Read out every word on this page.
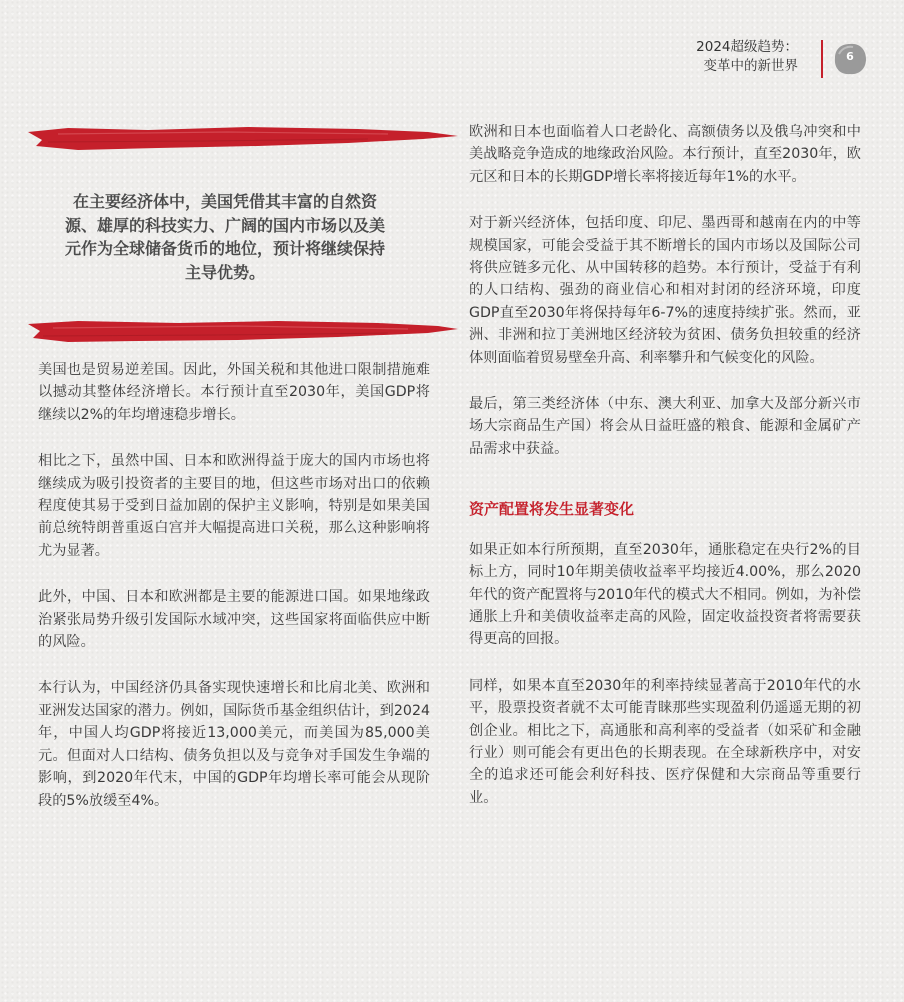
2024超级趋势：
变革中的新世界
6
在主要经济体中，美国凭借其丰富的自然资源、雄厚的科技实力、广阔的国内市场以及美元作为全球储备货币的地位，预计将继续保持主导优势。

美国也是贸易逆差国。因此，外国关税和其他进口限制措施难以撼动其整体经济增长。本行预计直至2030年，美国GDP将继续以2%的年均增速稳步增长。

相比之下，虽然中国、日本和欧洲得益于庞大的国内市场也将继续成为吸引投资者的主要目的地，但这些市场对出口的依赖程度使其易于受到日益加剧的保护主义影响，特别是如果美国前总统特朗普重返白宫并大幅提高进口关税，那么这种影响将尤为显著。

此外，中国、日本和欧洲都是主要的能源进口国。如果地缘政治紧张局势升级引发国际水域冲突，这些国家将面临供应中断的风险。

本行认为，中国经济仍具备实现快速增长和比肩北美、欧洲和亚洲发达国家的潜力。例如，国际货币基金组织估计，到2024年，中国人均GDP将接近13,000美元，而美国为85,000美元。但面对人口结构、债务负担以及与竞争对手国发生争端的影响，到2020年代末，中国的GDP年均增长率可能会从现阶段的5%放缓至4%。

欧洲和日本也面临着人口老龄化、高额债务以及俄乌冲突和中美战略竞争造成的地缘政治风险。本行预计，直至2030年，欧元区和日本的长期GDP增长率将接近每年1%的水平。

对于新兴经济体，包括印度、印尼、墨西哥和越南在内的中等规模国家，可能会受益于其不断增长的国内市场以及国际公司将供应链多元化、从中国转移的趋势。本行预计，受益于有利的人口结构、强劲的商业信心和相对封闭的经济环境，印度GDP直至2030年将保持每年6-7%的速度持续扩张。然而，亚洲、非洲和拉丁美洲地区经济较为贫困、债务负担较重的经济体则面临着贸易壁垒升高、利率攀升和气候变化的风险。

最后，第三类经济体（中东、澳大利亚、加拿大及部分新兴市场大宗商品生产国）将会从日益旺盛的粮食、能源和金属矿产品需求中获益。

资产配置将发生显著变化

如果正如本行所预期，直至2030年，通胀稳定在央行2%的目标上方，同时10年期美债收益率平均接近4.00%，那么2020年代的资产配置将与2010年代的模式大不相同。例如，为补偿通胀上升和美债收益率走高的风险，固定收益投资者将需要获得更高的回报。

同样，如果本直至2030年的利率持续显著高于2010年代的水平，股票投资者就不太可能青睐那些实现盈利仍遥遥无期的初创企业。相比之下，高通胀和高利率的受益者（如采矿和金融行业）则可能会有更出色的长期表现。在全球新秩序中，对安全的追求还可能会利好科技、医疗保健和大宗商品等重要行业。
